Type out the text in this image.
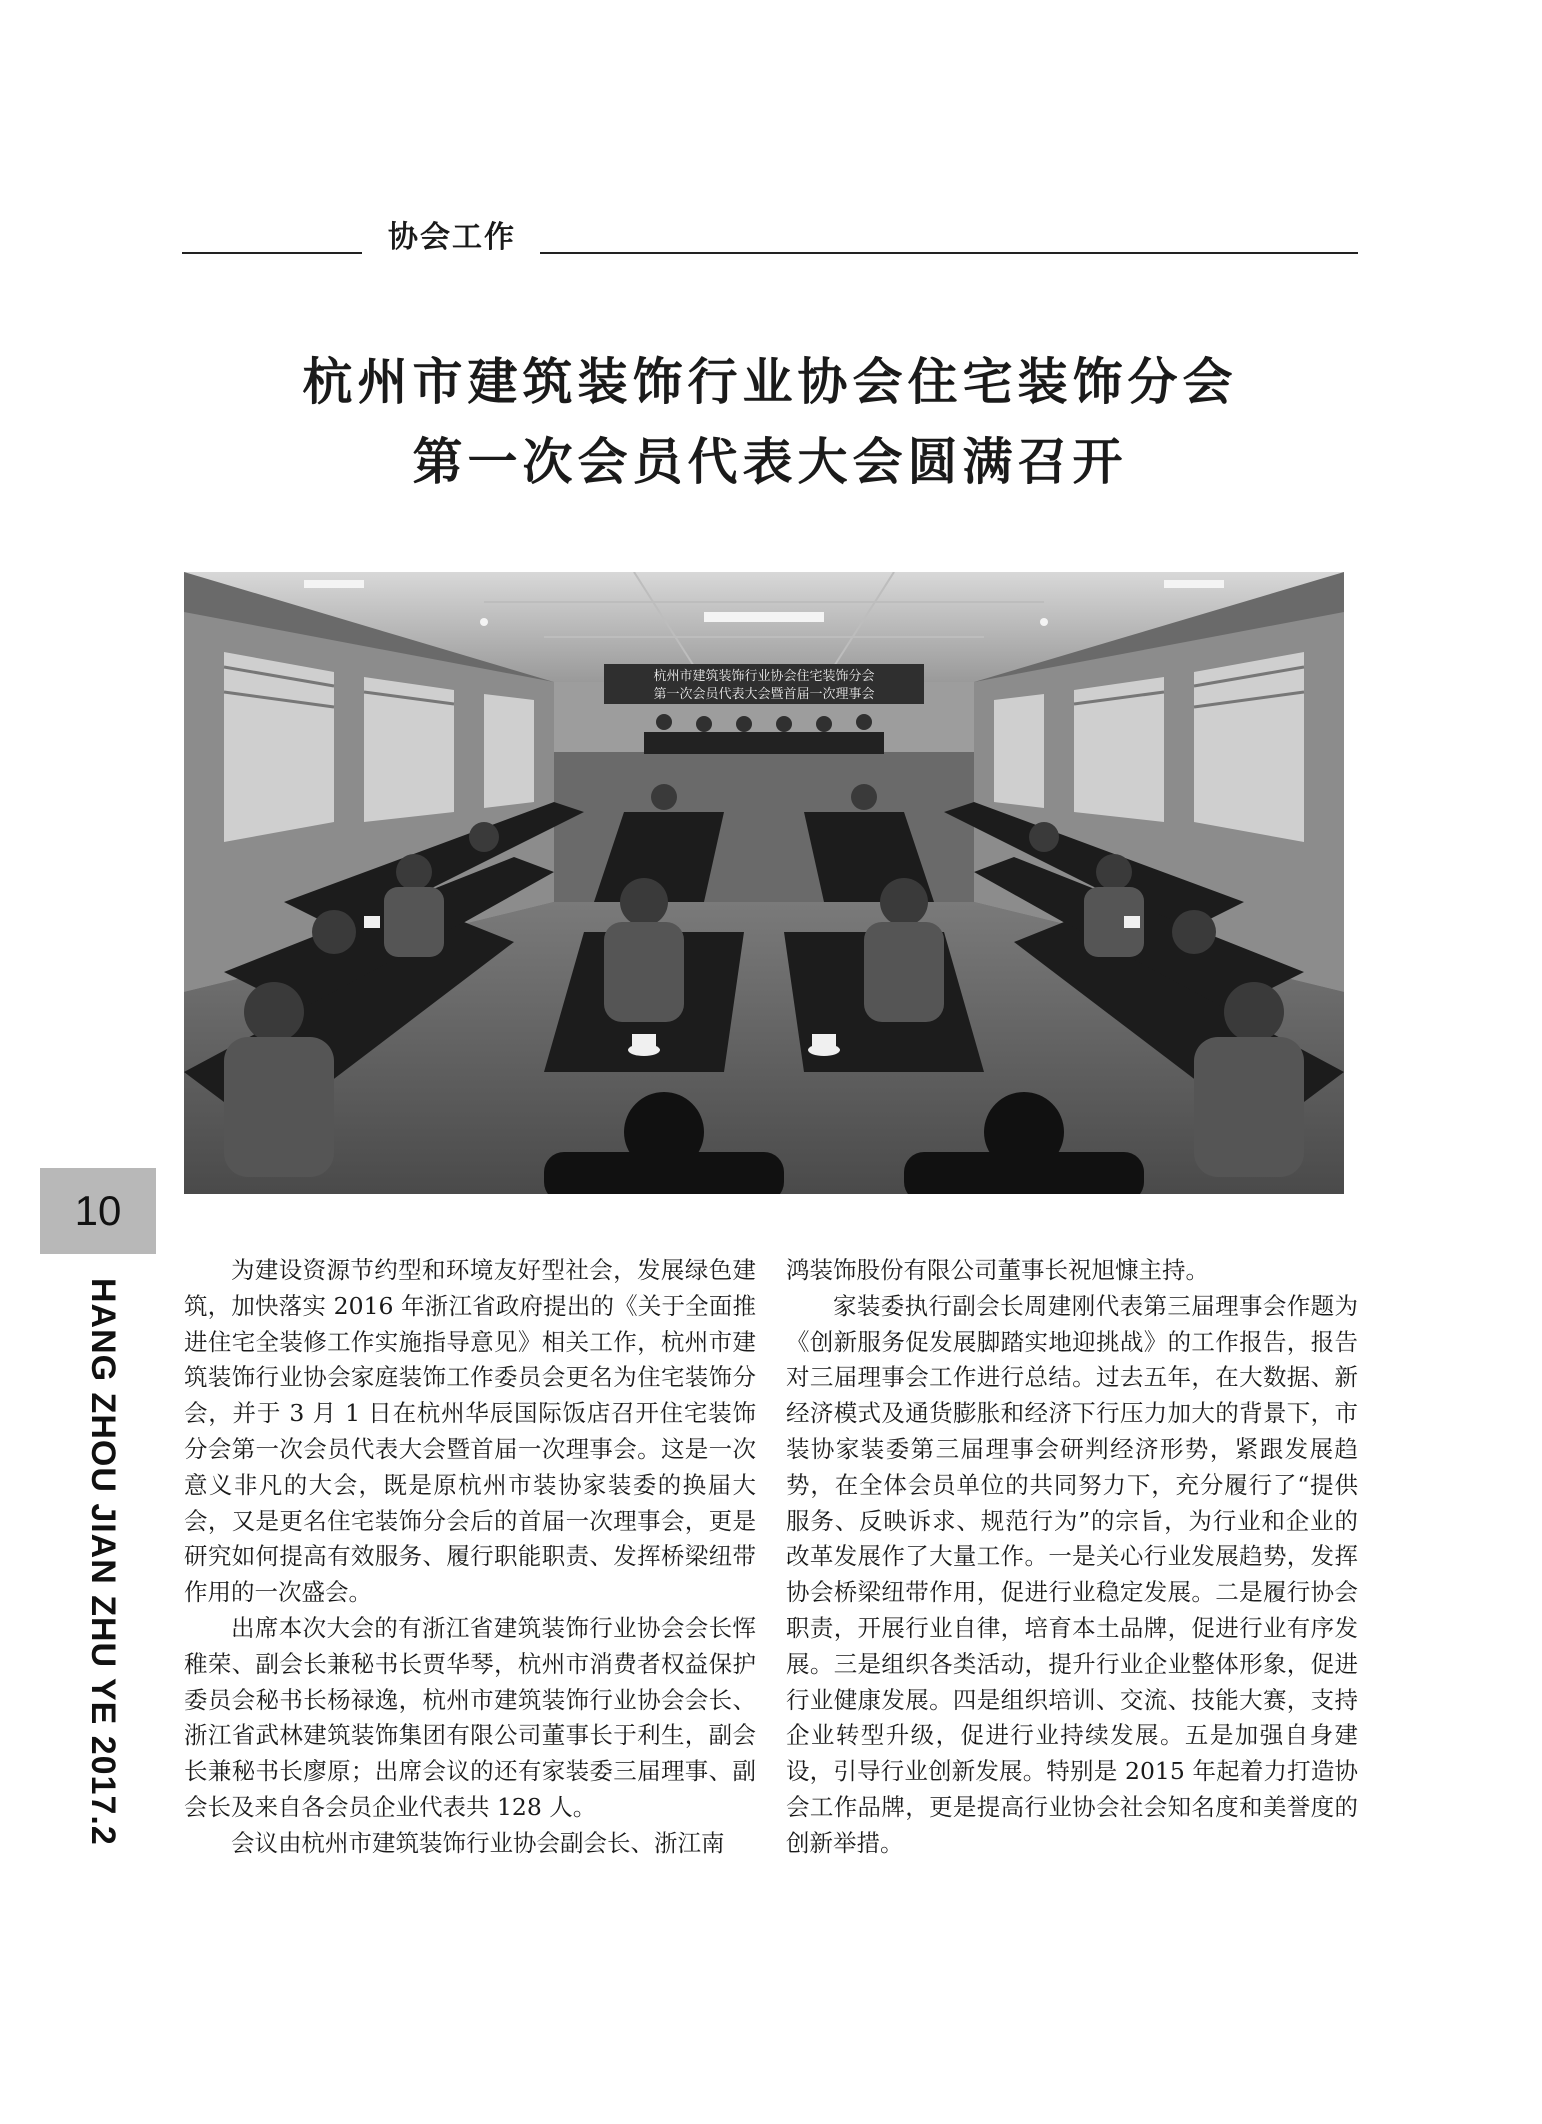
协会工作
杭州市建筑装饰行业协会住宅装饰分会
第一次会员代表大会圆满召开
杭州市建筑装饰行业协会住宅装饰分会
第一次会员代表大会暨首届一次理事会
10
HANG ZHOU JIAN ZHU YE 2017.2

为建设资源节约型和环境友好型社会，发展绿色建筑，加快落实 2016 年浙江省政府提出的《关于全面推进住宅全装修工作实施指导意见》相关工作，杭州市建筑装饰行业协会家庭装饰工作委员会更名为住宅装饰分会，并于 3 月 1 日在杭州华辰国际饭店召开住宅装饰分会第一次会员代表大会暨首届一次理事会。这是一次意义非凡的大会，既是原杭州市装协家装委的换届大会，又是更名住宅装饰分会后的首届一次理事会，更是研究如何提高有效服务、履行职能职责、发挥桥梁纽带作用的一次盛会。

出席本次大会的有浙江省建筑装饰行业协会会长恽稚荣、副会长兼秘书长贾华琴，杭州市消费者权益保护委员会秘书长杨禄逸，杭州市建筑装饰行业协会会长、浙江省武林建筑装饰集团有限公司董事长于利生，副会长兼秘书长廖原；出席会议的还有家装委三届理事、副会长及来自各会员企业代表共 128 人。

会议由杭州市建筑装饰行业协会副会长、浙江南

鸿装饰股份有限公司董事长祝旭慷主持。

家装委执行副会长周建刚代表第三届理事会作题为《创新服务促发展脚踏实地迎挑战》的工作报告，报告对三届理事会工作进行总结。过去五年，在大数据、新经济模式及通货膨胀和经济下行压力加大的背景下，市装协家装委第三届理事会研判经济形势，紧跟发展趋势，在全体会员单位的共同努力下，充分履行了“提供服务、反映诉求、规范行为”的宗旨，为行业和企业的改革发展作了大量工作。一是关心行业发展趋势，发挥协会桥梁纽带作用，促进行业稳定发展。二是履行协会职责，开展行业自律，培育本土品牌，促进行业有序发展。三是组织各类活动，提升行业企业整体形象，促进行业健康发展。四是组织培训、交流、技能大赛，支持企业转型升级，促进行业持续发展。五是加强自身建设，引导行业创新发展。特别是 2015 年起着力打造协会工作品牌，更是提高行业协会社会知名度和美誉度的创新举措。
